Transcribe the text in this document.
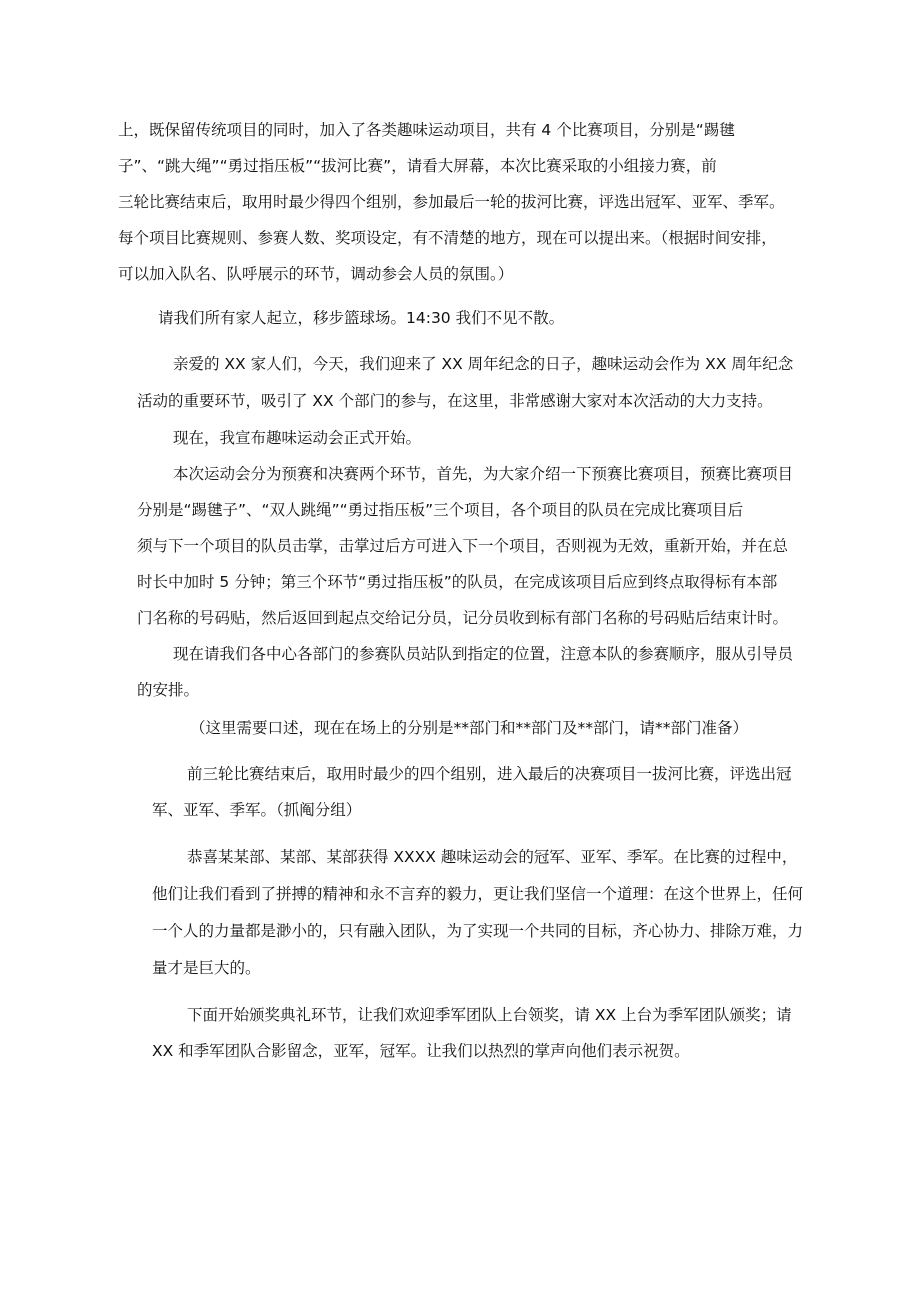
上，既保留传统项目的同时，加入了各类趣味运动项目，共有 4 个比赛项目，分别是“踢毽
子”、“跳大绳”“勇过指压板”“拔河比赛”，请看大屏幕，本次比赛采取的小组接力赛，前
三轮比赛结束后，取用时最少得四个组别，参加最后一轮的拔河比赛，评选出冠军、亚军、季军。
每个项目比赛规则、参赛人数、奖项设定，有不清楚的地方，现在可以提出来。（根据时间安排，
可以加入队名、队呼展示的环节，调动参会人员的氛围。）
请我们所有家人起立，移步篮球场。14:30 我们不见不散。
亲爱的 XX 家人们，今天，我们迎来了 XX 周年纪念的日子，趣味运动会作为 XX 周年纪念
活动的重要环节，吸引了 XX 个部门的参与，在这里，非常感谢大家对本次活动的大力支持。
现在，我宣布趣味运动会正式开始。
本次运动会分为预赛和决赛两个环节，首先，为大家介绍一下预赛比赛项目，预赛比赛项目
分别是“踢毽子”、“双人跳绳”“勇过指压板”三个项目，各个项目的队员在完成比赛项目后
须与下一个项目的队员击掌，击掌过后方可进入下一个项目，否则视为无效，重新开始，并在总
时长中加时 5 分钟；第三个环节“勇过指压板”的队员，在完成该项目后应到终点取得标有本部
门名称的号码贴，然后返回到起点交给记分员，记分员收到标有部门名称的号码贴后结束计时。
现在请我们各中心各部门的参赛队员站队到指定的位置，注意本队的参赛顺序，服从引导员
的安排。
（这里需要口述，现在在场上的分别是**部门和**部门及**部门，请**部门准备）
前三轮比赛结束后，取用时最少的四个组别，进入最后的决赛项目一拔河比赛，评选出冠
军、亚军、季军。（抓阄分组）
恭喜某某部、某部、某部获得 XXXX 趣味运动会的冠军、亚军、季军。在比赛的过程中，
他们让我们看到了拼搏的精神和永不言弃的毅力，更让我们坚信一个道理：在这个世界上，任何
一个人的力量都是渺小的，只有融入团队，为了实现一个共同的目标，齐心协力、排除万难，力
量才是巨大的。
下面开始颁奖典礼环节，让我们欢迎季军团队上台领奖，请 XX 上台为季军团队颁奖；请
XX 和季军团队合影留念，亚军，冠军。让我们以热烈的掌声向他们表示祝贺。
